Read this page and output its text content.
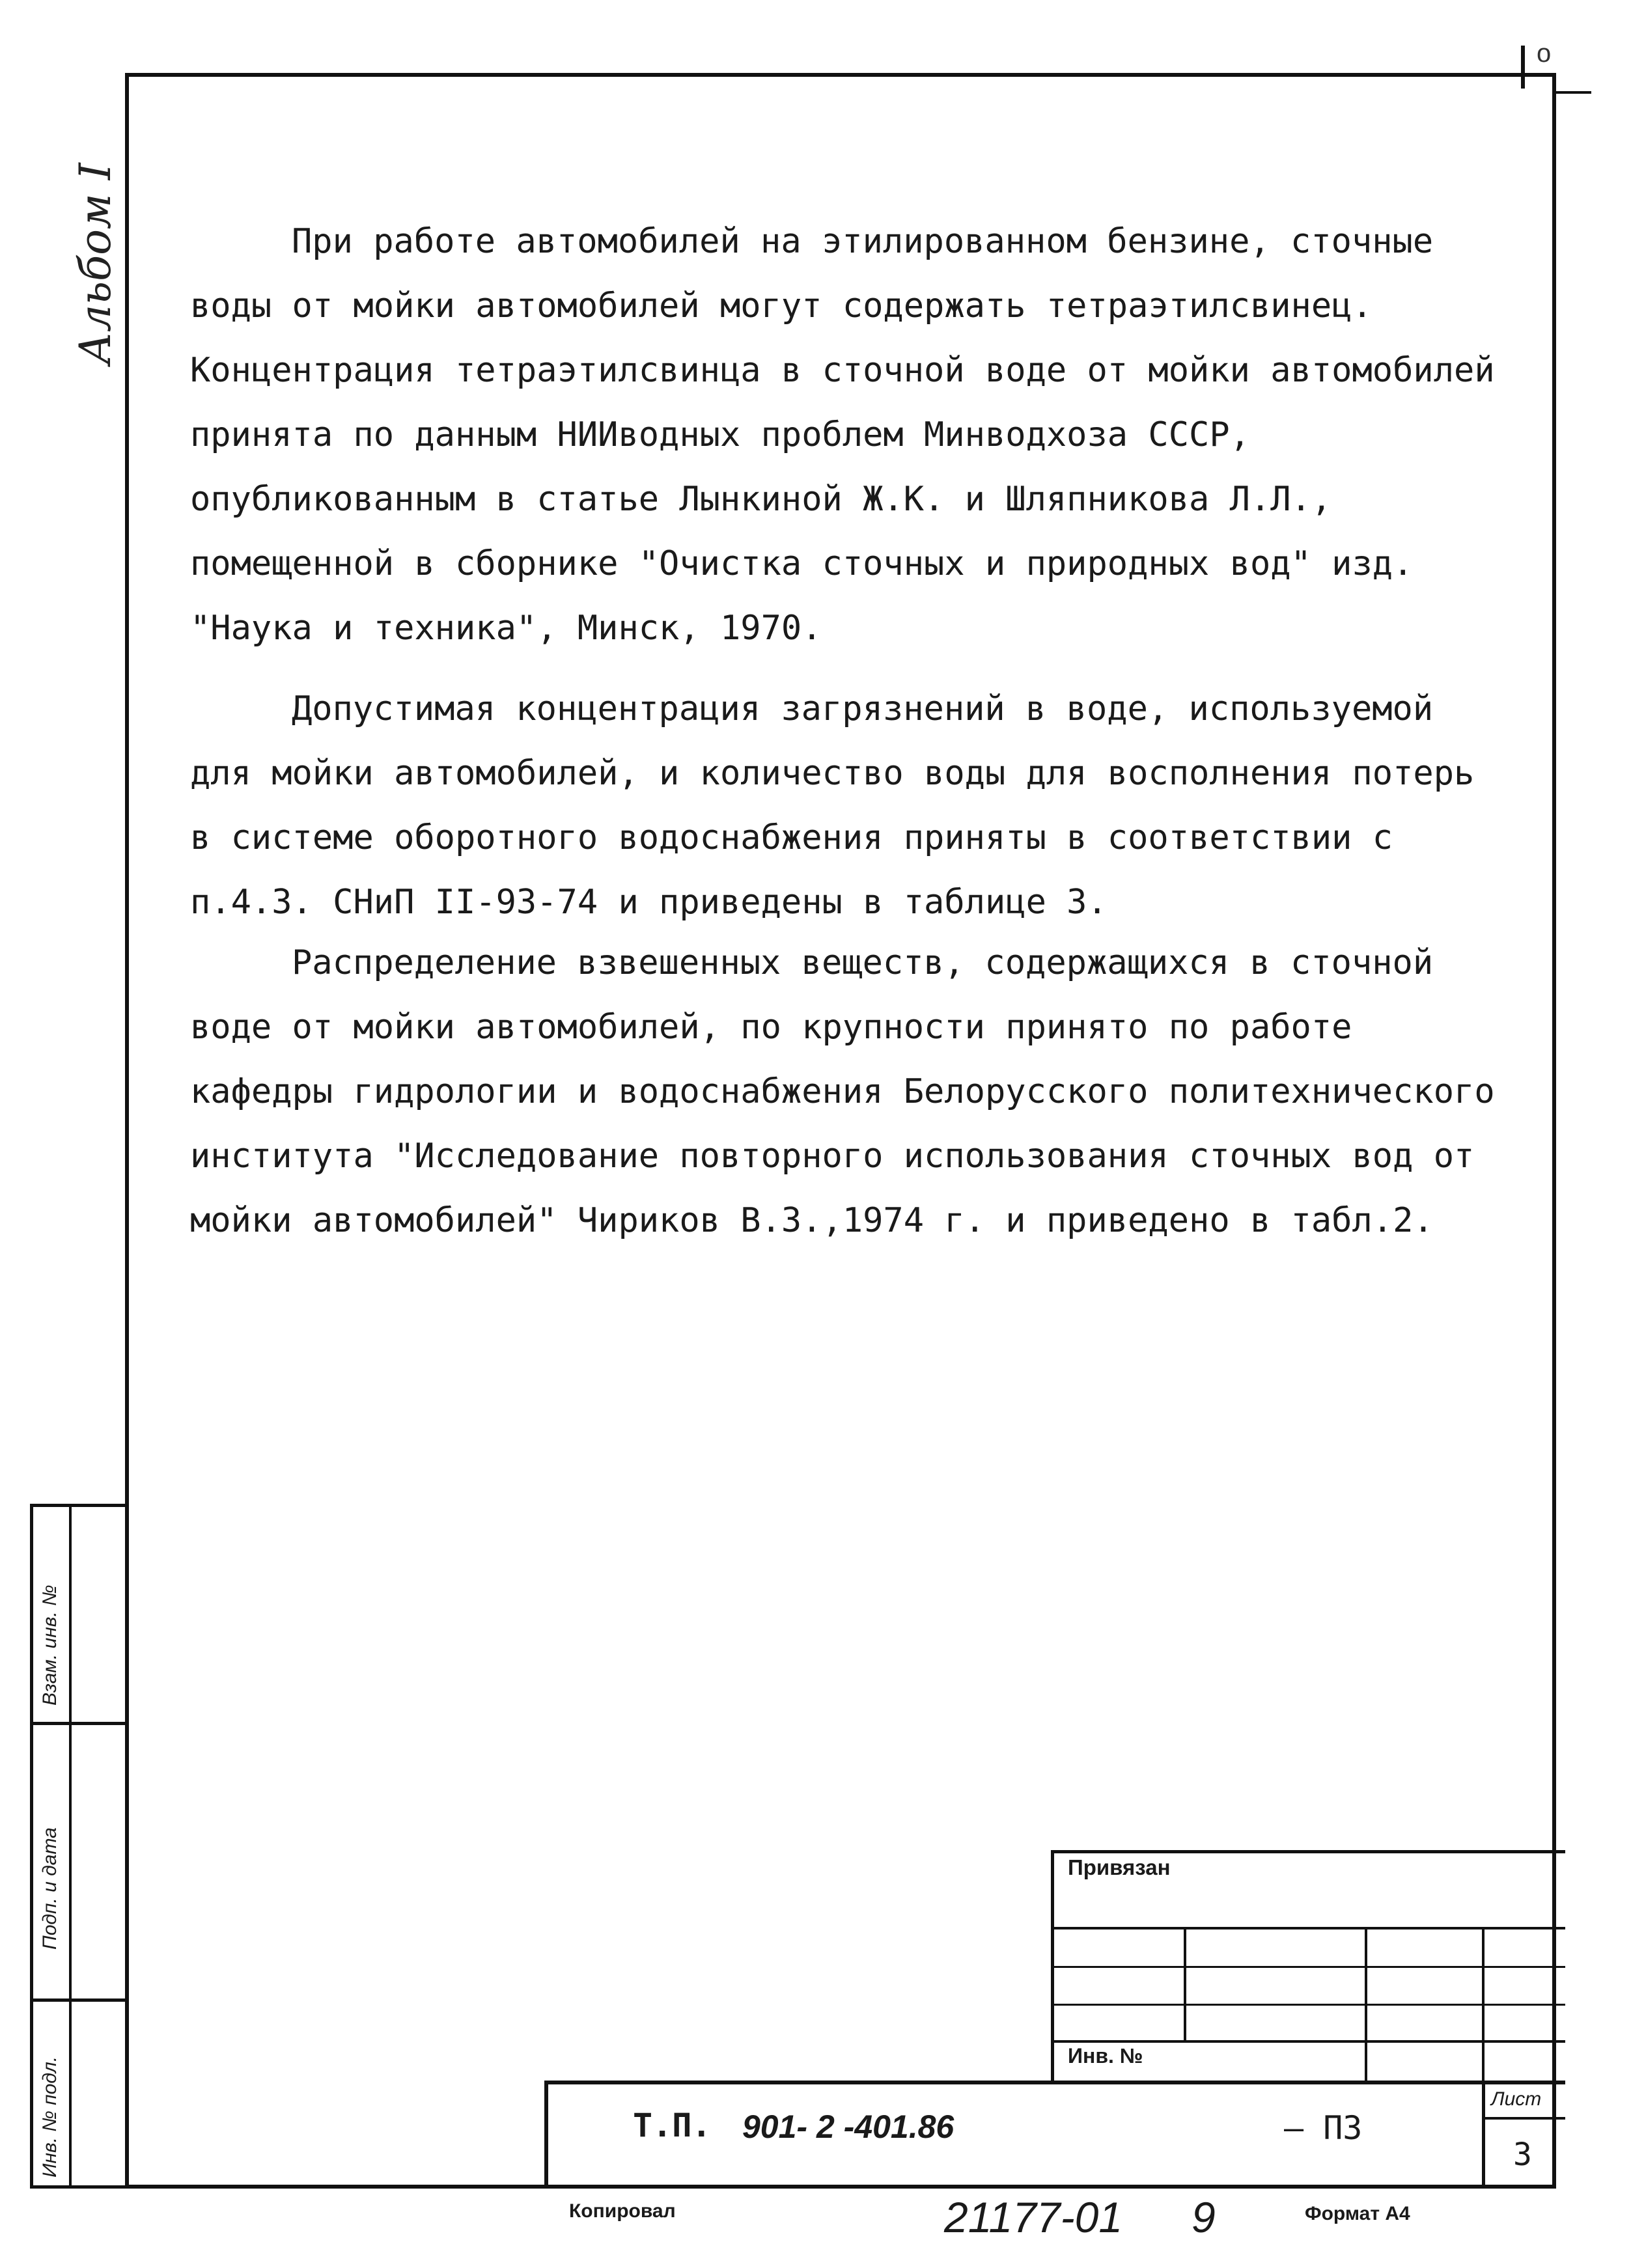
о
Альбом I	При работе автомобилей на этилированном бензине, сточные воды от мойки автомобилей могут содержать тетраэтилсвинец. Концентрация тетраэтилсвинца в сточной воде от мойки автомобилей принята по данным НИИводных проблем Минводхоза СССР, опубликованным в статье Лынкиной Ж.К. и Шляпникова Л.Л., помещенной в сборнике "Очистка сточных и природных вод" изд. "Наука и техника", Минск, 1970.

Допустимая концентрация загрязнений в воде, используемой для мойки автомобилей, и количество воды для восполнения потерь в системе оборотного водоснабжения приняты в соответствии с п.4.3. СНиП II-93-74 и приведены в таблице 3.

Распределение взвешенных веществ, содержащихся в сточной воде от мойки автомобилей, по крупности принято по работе кафедры гидрологии и водоснабжения Белорусского политехнического института "Исследование повторного использования сточных вод от мойки автомобилей" Чириков В.З.,1974 г. и приведено в табл.2.

Взам. инв. №
Подп. и дата
Инв. № подл.
Привязан
Инв. №
Т.П. 901- 2 -401.86	– ПЗ
Лист
3
Копировал	21177-01 9	Формат А4
